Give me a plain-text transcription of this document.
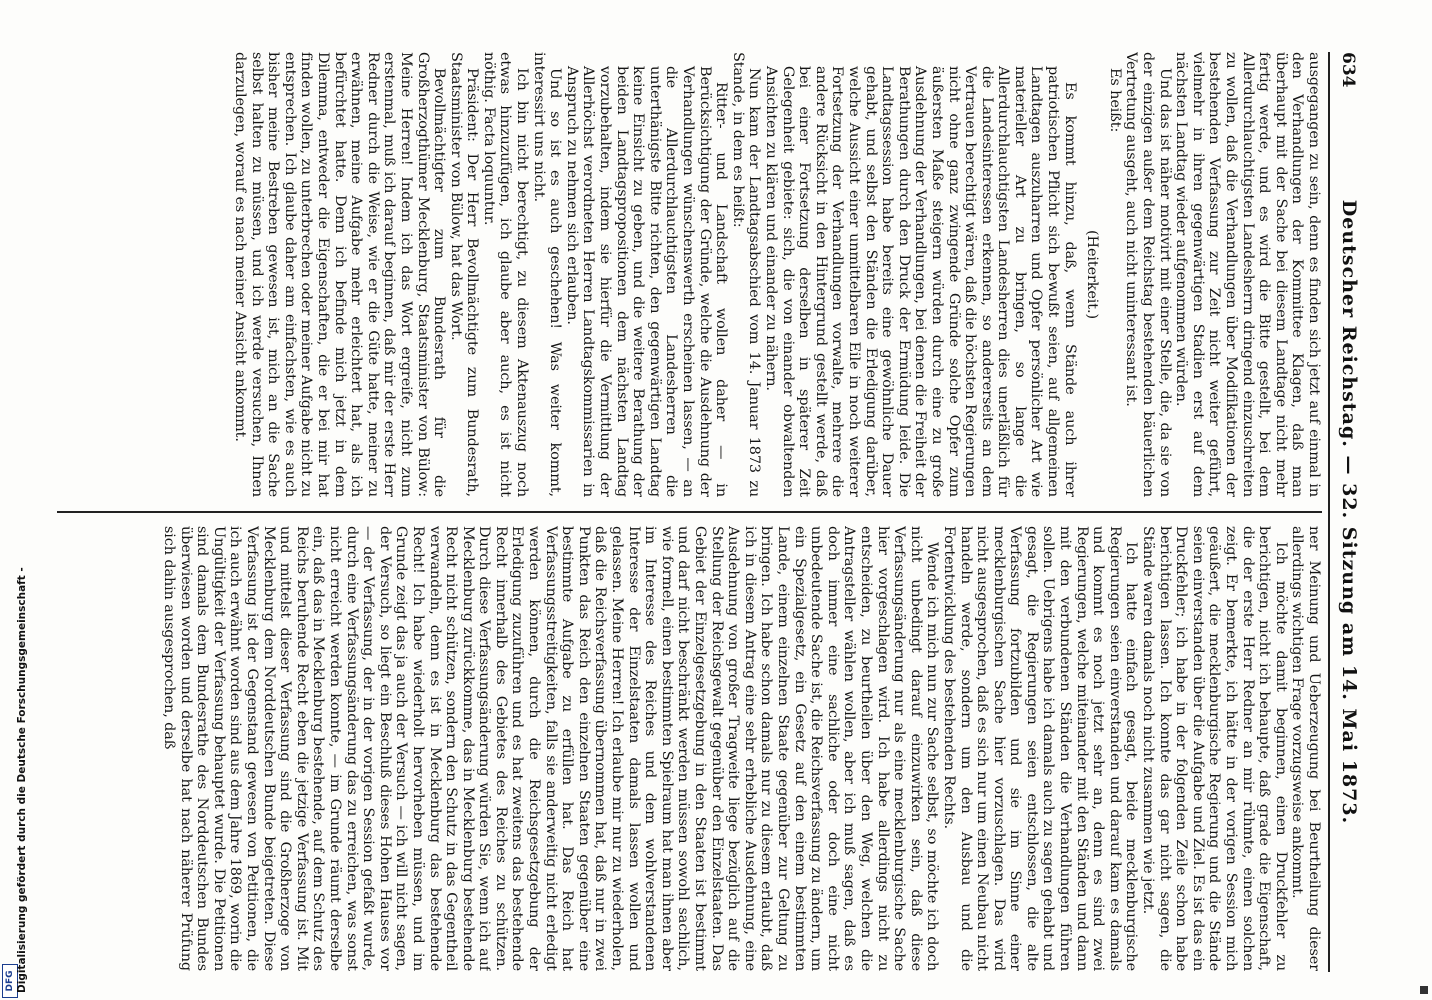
634
Deutscher Reichstag. — 32. Sitzung am 14. Mai 1873.

ausgegangen zu sein, denn es finden sich jetzt auf einmal in den Verhandlungen der Kommittee Klagen, daß man überhaupt mit der Sache bei diesem Landtage nicht mehr fertig werde, und es wird die Bitte gestellt, bei dem Allerdurchlauchtigsten Landesherrn dringend einzuschreiten zu wollen, daß die Verhandlungen über Modifikationen der bestehenden Verfassung zur Zeit nicht weiter geführt, vielmehr in ihren gegenwärtigen Stadien erst auf dem nächsten Landtag wieder aufgenommen würden.

Und das ist näher motivirt mit einer Stelle, die, da sie von der einzigen außer dem Reichstag bestehenden bäuerlichen Vertretung ausgeht, auch nicht uninteressant ist.

Es heißt:

(Heiterkeit.)

Es kommt hinzu, daß, wenn Stände auch ihrer patriotischen Pflicht sich bewußt seien, auf allgemeinen Landtagen auszuharren und Opfer persönlicher Art wie materieller Art zu bringen, so lange die Allerdurchlauchtigsten Landesherren dies unerläßlich für die Landesinteressen erkennen, so andererseits an dem Vertrauen berechtigt wären, daß die höchsten Regierungen nicht ohne ganz zwingende Gründe solche Opfer zum äußersten Maße steigern würden durch eine zu große Ausdehnung der Verhandlungen, bei denen die Freiheit der Berathungen durch den Druck der Ermüdung leide. Die Landtagssession habe bereits eine gewöhnliche Dauer gehabt, und selbst den Ständen die Erledigung darüber, welche Aussicht einer unmittelbaren Eile in noch weiterer Fortsetzung der Verhandlungen vorwalte, mehrere die andere Rücksicht in den Hintergrund gestellt werde, daß bei einer Fortsetzung derselben in späterer Zeit Gelegenheit gebiete: sich, die von einander obwaltenden Ansichten zu klären und einander zu nähern.

Nun kam der Landtagsabschied vom 14. Januar 1873 zu Stande, in dem es heißt:

Ritter- und Landschaft wollen daher — in Berücksichtigung der Gründe, welche die Ausdehnung der Verhandlungen wünschenswerth erscheinen lassen, — an die Allerdurchlauchtigsten Landesherren die unterthänigste Bitte richten, den gegenwärtigen Landtag keine Einsicht zu geben, und die weitere Berathung der beiden Landtagspropositionen dem nächsten Landtag vorzubehalten, indem sie hierfür die Vermittlung der Allerhöchst verordneten Herren Landtagskommissarien in Anspruch zu nehmen sich erlauben.

Und so ist es auch geschehen! Was weiter kommt, interessirt uns nicht.

Ich bin nicht berechtigt, zu diesem Aktenauszug noch etwas hinzuzufügen, ich glaube aber auch, es ist nicht nöthig. Facta loquuntur.

Präsident: Der Herr Bevollmächtigte zum Bundesrath, Staatsminister von Bülow, hat das Wort.

Bevollmächtigter zum Bundesrath für die Großherzogthümer Mecklenburg, Staatsminister von Bülow: Meine Herren! Indem ich das Wort ergreife, nicht zum erstenmal, muß ich darauf beginnen, daß mir der erste Herr Redner durch die Weise, wie er die Güte hatte, meiner zu erwähnen, meine Aufgabe mehr erleichtert hat, als ich befürchtet hatte. Denn ich befinde mich jetzt in dem Dilemma, entweder die Eigenschaften, die er bei mir hat finden wollen, zu unterbrechen oder meiner Aufgabe nicht zu entsprechen. Ich glaube daher am einfachsten, wie es auch bisher meine Bestreben gewesen ist, mich an die Sache selbst halten zu müssen, und ich werde versuchen, Ihnen darzulegen, worauf es nach meiner Ansicht ankommt.

ner Meinung und Ueberzeugung bei Beurtheilung dieser allerdings wichtigen Frage vorzugsweise ankommt.

Ich möchte damit beginnen, einen Druckfehler zu berichtigen, nicht ich behaupte, daß grade die Eigenschaft, die der erste Herr Redner an mir rühmte, einen solchen zeigt. Er bemerkte, ich hätte in der vorigen Session mich geäußert, die mecklenburgische Regierung und die Stände seien einverstanden über die Aufgabe und Ziel. Es ist das ein Druckfehler; ich habe in der folgenden Zeile schon habe berichtigen lassen. Ich konnte das gar nicht sagen, die Stände waren damals noch nicht zusammen wie jetzt.

Ich hatte einfach gesagt, beide mecklenburgische Regierungen seien einverstanden und darauf kam es damals und kommt es noch jetzt sehr an, denn es sind zwei Regierungen, welche miteinander mit den Ständen und dann mit den verbundenen Ständen die Verhandlungen führen sollen. Uebrigens habe ich damals auch zu sagen gehabt und gesagt, die Regierungen seien entschlossen, die alte Verfassung fortzubilden und sie im Sinne einer mecklenburgischen Sache hier vorzuschlagen. Das wird nicht ausgesprochen, daß es sich nur um einen Neubau nicht handeln werde, sondern um den Ausbau und die Fortentwicklung des bestehenden Rechts.

Wende ich mich nun zur Sache selbst, so möchte ich doch nicht unbedingt darauf einzuwirken sein, daß diese Verfassungsänderung nur als eine mecklenburgische Sache hier vorgeschlagen wird. Ich habe allerdings nicht zu entscheiden, zu beurtheilen über den Weg, welchen die Antragsteller wählen wollen, aber ich muß sagen, daß es doch immer eine sachliche oder doch eine nicht unbedeutende Sache ist, die Reichsverfassung zu ändern, um ein Spezialgesetz, ein Gesetz auf den einem bestimmten Lande, einem einzelnen Staate gegenüber zur Geltung zu bringen. Ich habe schon damals nur zu diesem erlaubt, daß ich in diesem Antrag eine sehr erhebliche Ausdehnung, eine Ausdehnung von großer Tragweite liege bezüglich auf die Stellung der Reichsgewalt gegenüber den Einzelstaaten. Das Gebiet der Einzelgesetzgebung in den Staaten ist bestimmt und darf nicht beschränkt werden müssen sowohl sachlich, wie formell, einen bestimmten Spielraum hat man ihnen aber im Interesse des Reiches und dem wohlverstandenen Interesse der Einzelstaaten damals lassen wollen und gelassen. Meine Herren! Ich erlaube mir nur zu wiederholen, daß die Reichsverfassung übernommen hat, daß nur in zwei Punkten das Reich den einzelnen Staaten gegenüber eine bestimmte Aufgabe zu erfüllen hat. Das Reich hat Verfassungsstreitigkeiten, falls sie anderweitig nicht erledigt werden können, durch die Reichsgesetzgebung der Erledigung zuzuführen und es hat zweitens das bestehende Recht innerhalb des Gebietes des Reiches zu schützen. Durch diese Verfassungsänderung würden Sie, wenn ich auf Mecklenburg zurückkomme, das in Mecklenburg bestehende Recht nicht schützen, sondern den Schutz in das Gegentheil verwandeln, denn es ist in Mecklenburg das bestehende Recht! Ich habe wiederholt hervorheben müssen, und im Grunde zeigt das ja auch der Versuch — ich will nicht sagen, der Versuch, so liegt ein Beschluß dieses Hohen Hauses vor — der Verfassung, der in der vorigen Session gefaßt wurde, durch eine Verfassungsänderung das zu erreichen, was sonst nicht erreicht werden konnte, — im Grunde räumt derselbe ein, daß das in Mecklenburg bestehende, auf dem Schutz des Reichs beruhende Recht eben die jetzige Verfassung ist. Mit und mittelst dieser Verfassung sind die Großherzoge von Mecklenburg dem Norddeutschen Bunde beigetreten. Diese Verfassung ist der Gegenstand gewesen von Petitionen, die ich auch erwähnt worden sind aus dem Jahre 1869, worin die Ungültigkeit der Verfassung behauptet wurde. Die Petitionen sind damals dem Bundesrathe des Norddeutschen Bundes überwiesen worden und derselbe hat nach näherer Prüfung sich dahin ausgesprochen, daß

DFG Digitalisierung gefördert durch die Deutsche Forschungsgemeinschaft -
